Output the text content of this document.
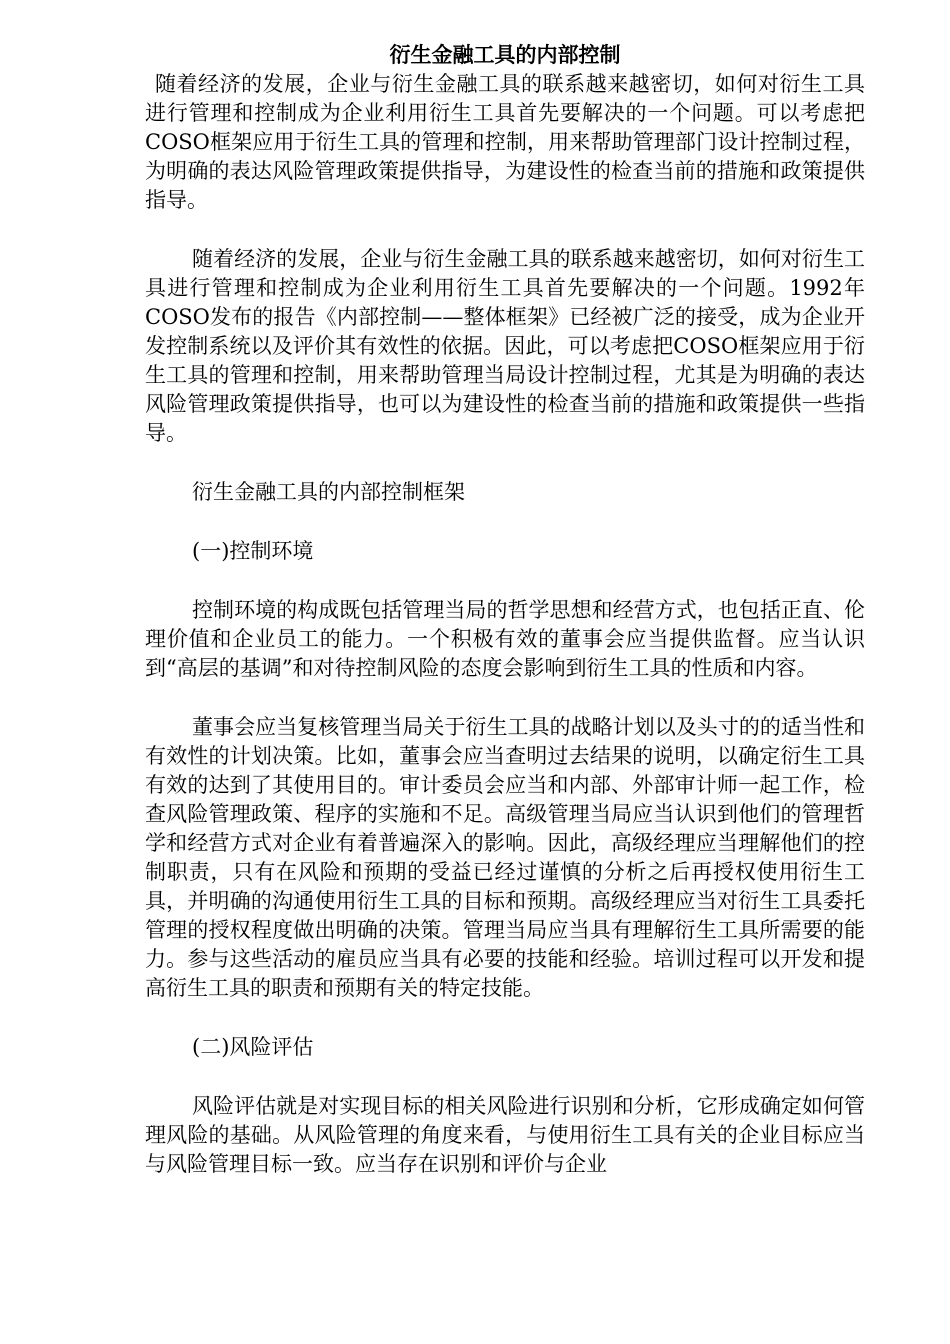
衍生金融工具的内部控制

随着经济的发展，企业与衍生金融工具的联系越来越密切，如何对衍生工具进行管理和控制成为企业利用衍生工具首先要解决的一个问题。可以考虑把COSO框架应用于衍生工具的管理和控制，用来帮助管理部门设计控制过程，为明确的表达风险管理政策提供指导，为建设性的检查当前的措施和政策提供指导。

随着经济的发展，企业与衍生金融工具的联系越来越密切，如何对衍生工具进行管理和控制成为企业利用衍生工具首先要解决的一个问题。1992年COSO发布的报告《内部控制——整体框架》已经被广泛的接受，成为企业开发控制系统以及评价其有效性的依据。因此，可以考虑把COSO框架应用于衍生工具的管理和控制，用来帮助管理当局设计控制过程，尤其是为明确的表达风险管理政策提供指导，也可以为建设性的检查当前的措施和政策提供一些指导。

衍生金融工具的内部控制框架

(一)控制环境

控制环境的构成既包括管理当局的哲学思想和经营方式，也包括正直、伦理价值和企业员工的能力。一个积极有效的董事会应当提供监督。应当认识到“高层的基调”和对待控制风险的态度会影响到衍生工具的性质和内容。

董事会应当复核管理当局关于衍生工具的战略计划以及头寸的的适当性和有效性的计划决策。比如，董事会应当查明过去结果的说明，以确定衍生工具有效的达到了其使用目的。审计委员会应当和内部、外部审计师一起工作，检查风险管理政策、程序的实施和不足。高级管理当局应当认识到他们的管理哲学和经营方式对企业有着普遍深入的影响。因此，高级经理应当理解他们的控制职责，只有在风险和预期的受益已经过谨慎的分析之后再授权使用衍生工具，并明确的沟通使用衍生工具的目标和预期。高级经理应当对衍生工具委托管理的授权程度做出明确的决策。管理当局应当具有理解衍生工具所需要的能力。参与这些活动的雇员应当具有必要的技能和经验。培训过程可以开发和提高衍生工具的职责和预期有关的特定技能。

(二)风险评估

风险评估就是对实现目标的相关风险进行识别和分析，它形成确定如何管理风险的基础。从风险管理的角度来看，与使用衍生工具有关的企业目标应当与风险管理目标一致。应当存在识别和评价与企业
